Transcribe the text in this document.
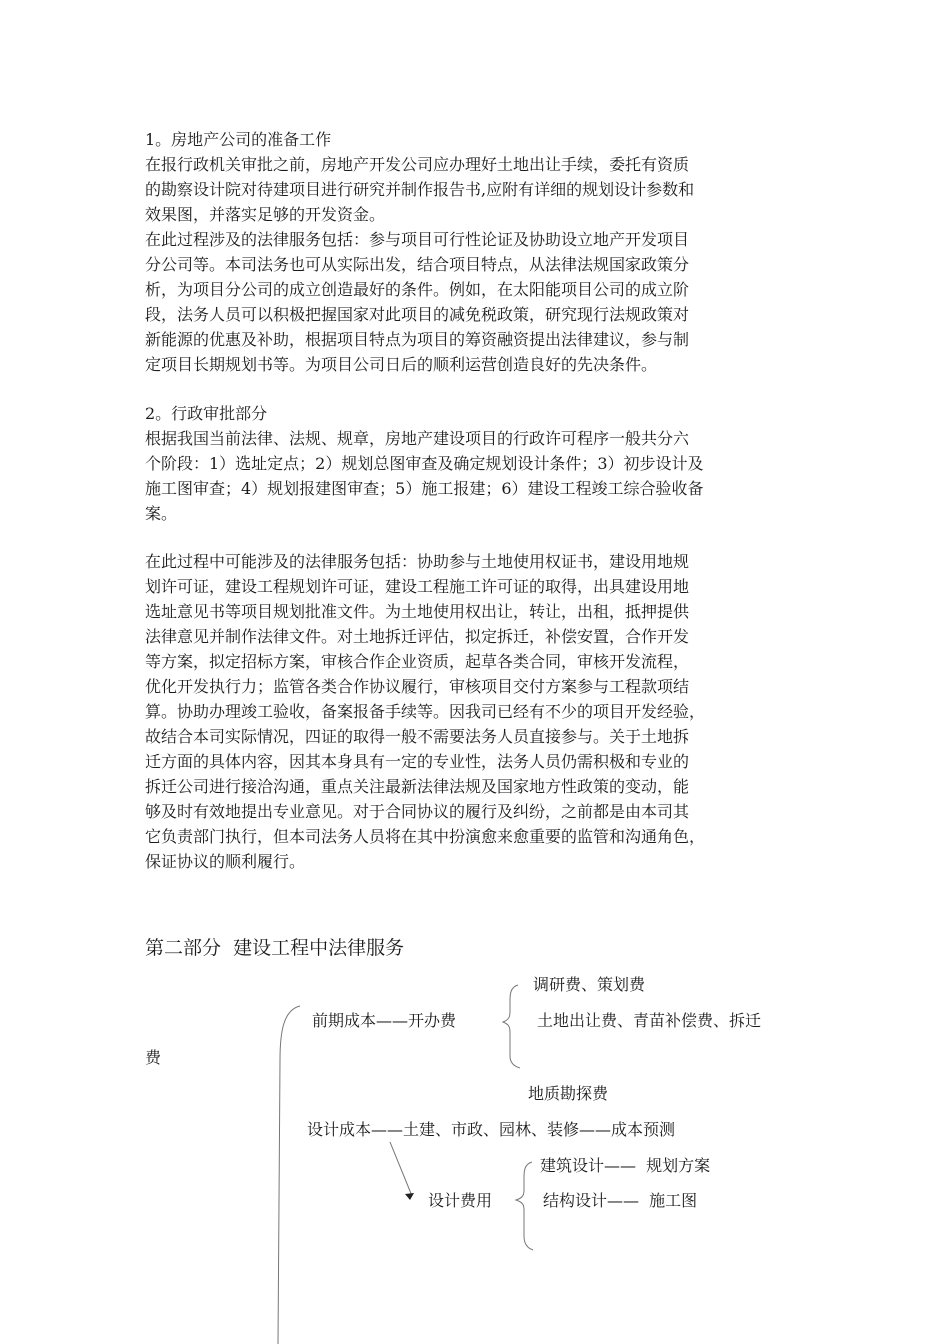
1。房地产公司的准备工作
在报行政机关审批之前，房地产开发公司应办理好土地出让手续，委托有资质
的勘察设计院对待建项目进行研究并制作报告书,应附有详细的规划设计参数和
效果图，并落实足够的开发资金。
在此过程涉及的法律服务包括：参与项目可行性论证及协助设立地产开发项目
分公司等。本司法务也可从实际出发，结合项目特点，从法律法规国家政策分
析，为项目分公司的成立创造最好的条件。例如，在太阳能项目公司的成立阶
段，法务人员可以积极把握国家对此项目的减免税政策，研究现行法规政策对
新能源的优惠及补助，根据项目特点为项目的筹资融资提出法律建议，参与制
定项目长期规划书等。为项目公司日后的顺利运营创造良好的先决条件。
2。行政审批部分
根据我国当前法律、法规、规章，房地产建设项目的行政许可程序一般共分六
个阶段：1）选址定点；2）规划总图审查及确定规划设计条件；3）初步设计及
施工图审查；4）规划报建图审查；5）施工报建；6）建设工程竣工综合验收备
案。
在此过程中可能涉及的法律服务包括：协助参与土地使用权证书，建设用地规
划许可证，建设工程规划许可证，建设工程施工许可证的取得，出具建设用地
选址意见书等项目规划批准文件。为土地使用权出让，转让，出租，抵押提供
法律意见并制作法律文件。对土地拆迁评估，拟定拆迁，补偿安置，合作开发
等方案，拟定招标方案，审核合作企业资质，起草各类合同，审核开发流程，
优化开发执行力；监管各类合作协议履行，审核项目交付方案参与工程款项结
算。协助办理竣工验收，备案报备手续等。因我司已经有不少的项目开发经验，
故结合本司实际情况，四证的取得一般不需要法务人员直接参与。关于土地拆
迁方面的具体内容，因其本身具有一定的专业性，法务人员仍需积极和专业的
拆迁公司进行接洽沟通，重点关注最新法律法规及国家地方性政策的变动，能
够及时有效地提出专业意见。对于合同协议的履行及纠纷，之前都是由本司其
它负责部门执行，但本司法务人员将在其中扮演愈来愈重要的监管和沟通角色，
保证协议的顺利履行。
第二部分  建设工程中法律服务
调研费、策划费
前期成本——开办费	土地出让费、青苗补偿费、拆迁
费
地质勘探费
设计成本——土建、市政、园林、装修——成本预测
建筑设计——  规划方案
设计费用	结构设计——  施工图
